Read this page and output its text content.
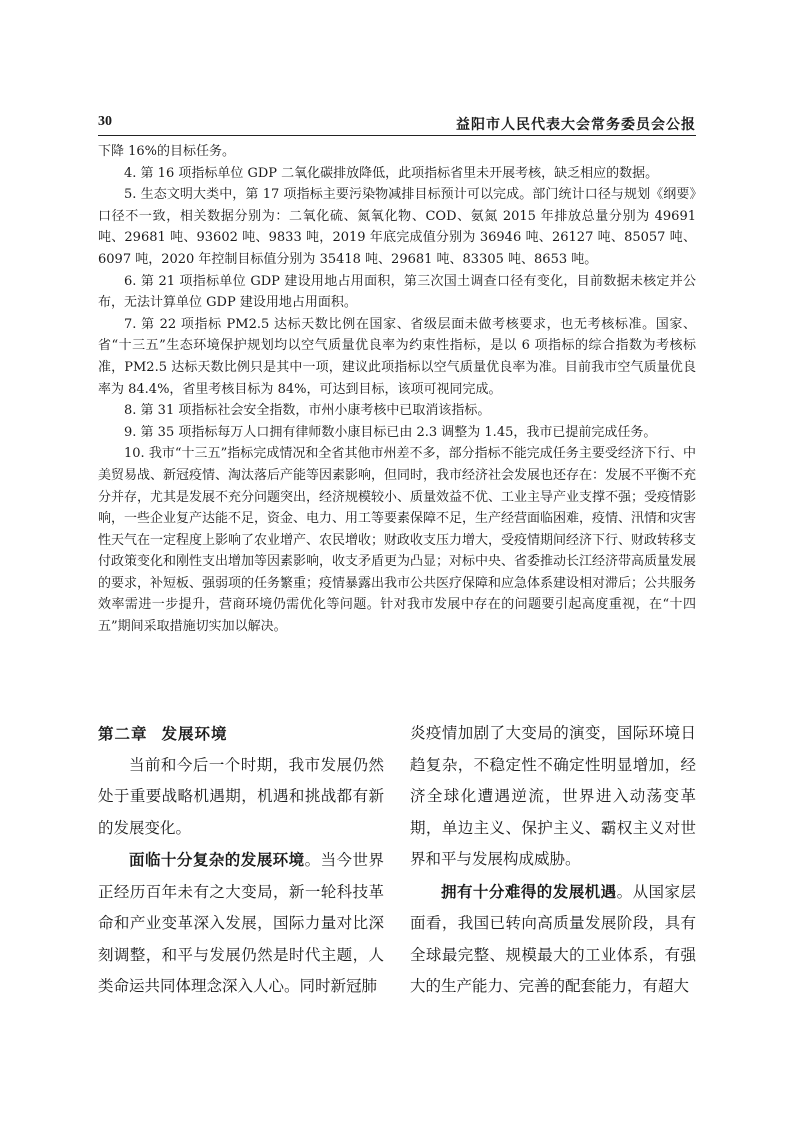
30	益阳市人民代表大会常务委员会公报

下降 16%的目标任务。

4. 第 16 项指标单位 GDP 二氧化碳排放降低，此项指标省里未开展考核，缺乏相应的数据。

5. 生态文明大类中，第 17 项指标主要污染物减排目标预计可以完成。部门统计口径与规划《纲要》口径不一致，相关数据分别为：二氧化硫、氮氧化物、COD、氨氮 2015 年排放总量分别为 49691 吨、29681 吨、93602 吨、9833 吨，2019 年底完成值分别为 36946 吨、26127 吨、85057 吨、6097 吨，2020 年控制目标值分别为 35418 吨、29681 吨、83305 吨、8653 吨。

6. 第 21 项指标单位 GDP 建设用地占用面积，第三次国土调查口径有变化，目前数据未核定并公布，无法计算单位 GDP 建设用地占用面积。

7. 第 22 项指标 PM2.5 达标天数比例在国家、省级层面未做考核要求，也无考核标准。国家、省“十三五”生态环境保护规划均以空气质量优良率为约束性指标，是以 6 项指标的综合指数为考核标准，PM2.5 达标天数比例只是其中一项，建议此项指标以空气质量优良率为准。目前我市空气质量优良率为 84.4%，省里考核目标为 84%，可达到目标，该项可视同完成。

8. 第 31 项指标社会安全指数，市州小康考核中已取消该指标。

9. 第 35 项指标每万人口拥有律师数小康目标已由 2.3 调整为 1.45，我市已提前完成任务。

10. 我市“十三五”指标完成情况和全省其他市州差不多，部分指标不能完成任务主要受经济下行、中美贸易战、新冠疫情、淘汰落后产能等因素影响，但同时，我市经济社会发展也还存在：发展不平衡不充分并存，尤其是发展不充分问题突出，经济规模较小、质量效益不优、工业主导产业支撑不强；受疫情影响，一些企业复产达能不足，资金、电力、用工等要素保障不足，生产经营面临困难，疫情、汛情和灾害性天气在一定程度上影响了农业增产、农民增收；财政收支压力增大，受疫情期间经济下行、财政转移支付政策变化和刚性支出增加等因素影响，收支矛盾更为凸显；对标中央、省委推动长江经济带高质量发展的要求，补短板、强弱项的任务繁重；疫情暴露出我市公共医疗保障和应急体系建设相对滞后；公共服务效率需进一步提升，营商环境仍需优化等问题。针对我市发展中存在的问题要引起高度重视，在“十四五”期间采取措施切实加以解决。

第二章 发展环境

当前和今后一个时期，我市发展仍然处于重要战略机遇期，机遇和挑战都有新的发展变化。

面临十分复杂的发展环境。当今世界正经历百年未有之大变局，新一轮科技革命和产业变革深入发展，国际力量对比深刻调整，和平与发展仍然是时代主题，人类命运共同体理念深入人心。同时新冠肺

炎疫情加剧了大变局的演变，国际环境日趋复杂，不稳定性不确定性明显增加，经济全球化遭遇逆流，世界进入动荡变革期，单边主义、保护主义、霸权主义对世界和平与发展构成威胁。

拥有十分难得的发展机遇。从国家层面看，我国已转向高质量发展阶段，具有全球最完整、规模最大的工业体系，有强大的生产能力、完善的配套能力，有超大
